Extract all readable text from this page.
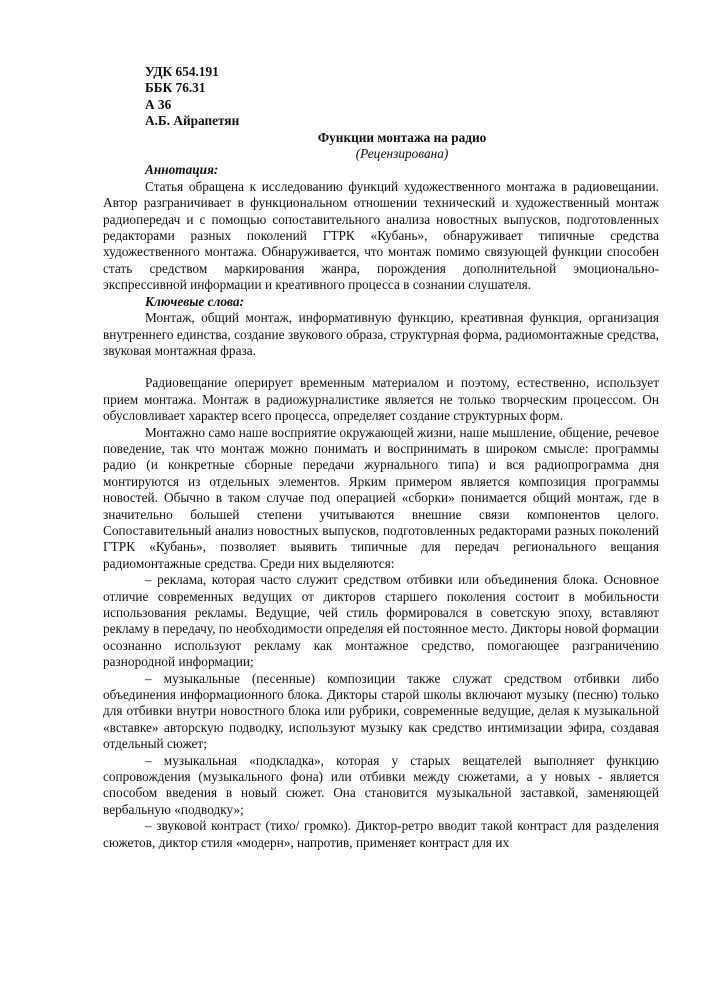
УДК 654.191
ББК 76.31
А 36
А.Б. Айрапетян
Функции монтажа на радио
(Рецензирована)
Аннотация:

Статья обращена к исследованию функций художественного монтажа в радиовещании. Автор разграничивает в функциональном отношении технический и художественный монтаж радиопередач и с помощью сопоставительного анализа новостных выпусков, подготовленных редакторами разных поколений ГТРК «Кубань», обнаруживает типичные средства художественного монтажа. Обнаруживается, что монтаж помимо связующей функции способен стать средством маркирования жанра, порождения дополнительной эмоционально-экспрессивной информации и креативного процесса в сознании слушателя.

Ключевые слова:

Монтаж, общий монтаж, информативную функцию, креативная функция, организация внутреннего единства, создание звукового образа, структурная форма, радиомонтажные средства, звуковая монтажная фраза.

Радиовещание оперирует временным материалом и поэтому, естественно, использует прием монтажа. Монтаж в радиожурналистике является не только творческим процессом. Он обусловливает характер всего процесса, определяет создание структурных форм.

Монтажно само наше восприятие окружающей жизни, наше мышление, общение, речевое поведение, так что монтаж можно понимать и воспринимать в широком смысле: программы радио (и конкретные сборные передачи журнального типа) и вся радиопрограмма дня монтируются из отдельных элементов. Ярким примером является композиция программы новостей. Обычно в таком случае под операцией «сборки» понимается общий монтаж, где в значительно большей степени учитываются внешние связи компонентов целого. Сопоставительный анализ новостных выпусков, подготовленных редакторами разных поколений ГТРК «Кубань», позволяет выявить типичные для передач регионального вещания радиомонтажные средства. Среди них выделяются:

– реклама, которая часто служит средством отбивки или объединения блока. Основное отличие современных ведущих от дикторов старшего поколения состоит в мобильности использования рекламы. Ведущие, чей стиль формировался в советскую эпоху, вставляют рекламу в передачу, по необходимости определяя ей постоянное место. Дикторы новой формации осознанно используют рекламу как монтажное средство, помогающее разграничению разнородной информации;

– музыкальные (песенные) композиции также служат средством отбивки либо объединения информационного блока. Дикторы старой школы включают музыку (песню) только для отбивки внутри новостного блока или рубрики, современные ведущие, делая к музыкальной «вставке» авторскую подводку, используют музыку как средство интимизации эфира, создавая отдельный сюжет;

– музыкальная «подкладка», которая у старых вещателей выполняет функцию сопровождения (музыкального фона) или отбивки между сюжетами, а у новых - является способом введения в новый сюжет. Она становится музыкальной заставкой, заменяющей вербальную «подводку»;

– звуковой контраст (тихо/ громко). Диктор-ретро вводит такой контраст для разделения сюжетов, диктор стиля «модерн», напротив, применяет контраст для их
